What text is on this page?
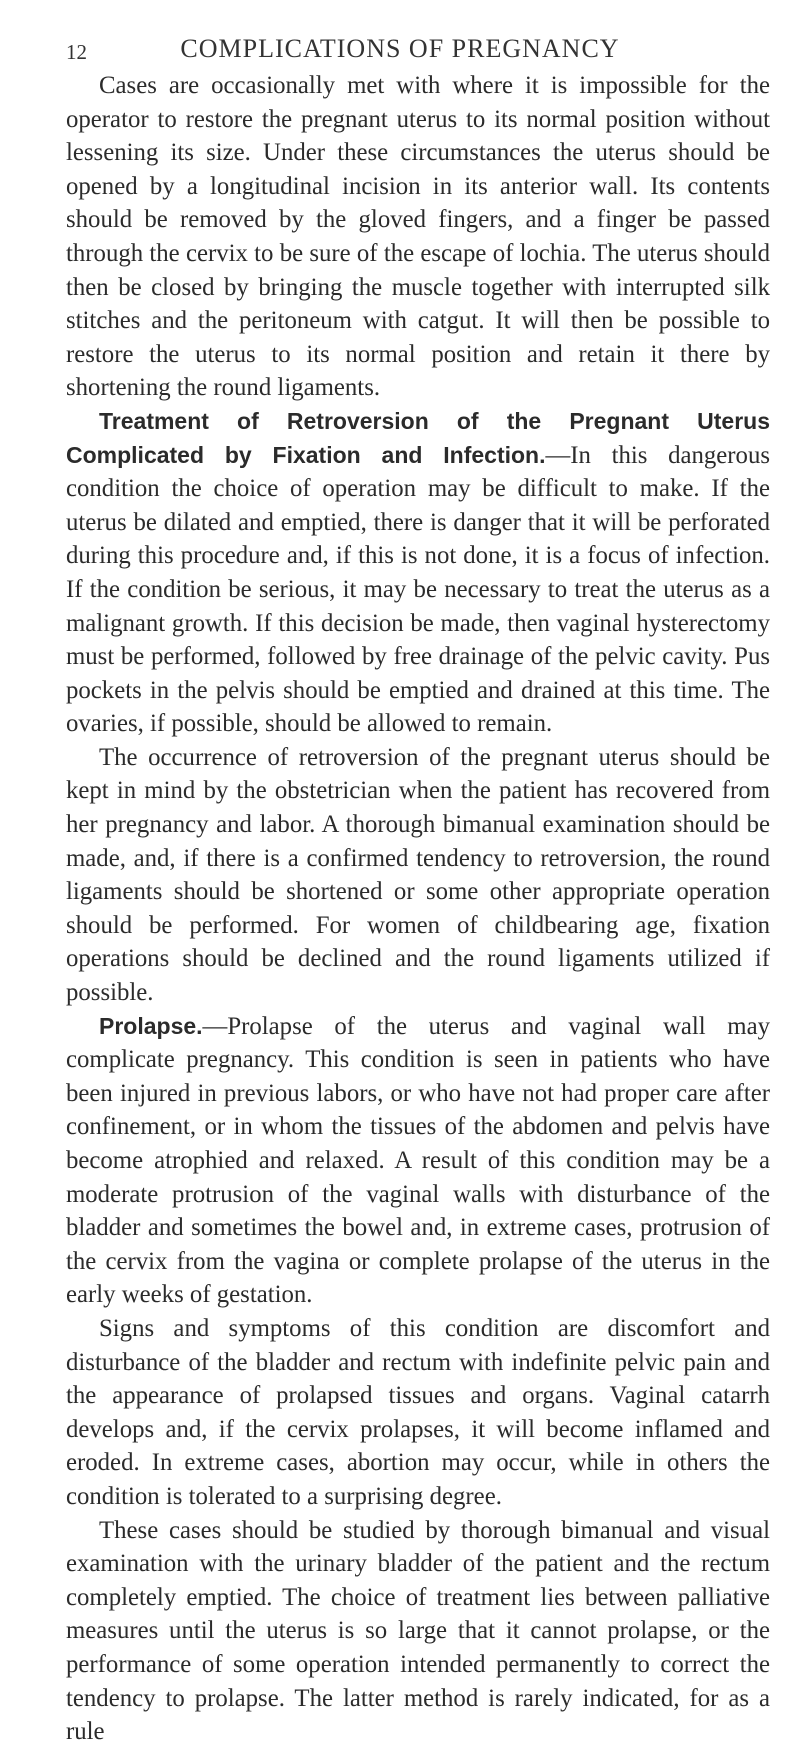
12	COMPLICATIONS OF PREGNANCY

Cases are occasionally met with where it is impossible for the operator to restore the pregnant uterus to its normal position without lessening its size. Under these circumstances the uterus should be opened by a longitudinal incision in its anterior wall. Its contents should be removed by the gloved fingers, and a finger be passed through the cervix to be sure of the escape of lochia. The uterus should then be closed by bringing the muscle together with interrupted silk stitches and the peritoneum with catgut. It will then be possible to restore the uterus to its normal position and retain it there by shortening the round ligaments.

Treatment of Retroversion of the Pregnant Uterus Complicated by Fixation and Infection.—In this dangerous condition the choice of operation may be difficult to make. If the uterus be dilated and emptied, there is danger that it will be perforated during this procedure and, if this is not done, it is a focus of infection. If the condition be serious, it may be necessary to treat the uterus as a malignant growth. If this decision be made, then vaginal hysterectomy must be performed, followed by free drainage of the pelvic cavity. Pus pockets in the pelvis should be emptied and drained at this time. The ovaries, if possible, should be allowed to remain.

The occurrence of retroversion of the pregnant uterus should be kept in mind by the obstetrician when the patient has recovered from her pregnancy and labor. A thorough bimanual examination should be made, and, if there is a confirmed tendency to retroversion, the round ligaments should be shortened or some other appropriate operation should be performed. For women of childbearing age, fixation operations should be declined and the round ligaments utilized if possible.

Prolapse.—Prolapse of the uterus and vaginal wall may complicate pregnancy. This condition is seen in patients who have been injured in previous labors, or who have not had proper care after confinement, or in whom the tissues of the abdomen and pelvis have become atrophied and relaxed. A result of this condition may be a moderate protrusion of the vaginal walls with disturbance of the bladder and sometimes the bowel and, in extreme cases, protrusion of the cervix from the vagina or complete prolapse of the uterus in the early weeks of gestation.

Signs and symptoms of this condition are discomfort and disturbance of the bladder and rectum with indefinite pelvic pain and the appearance of prolapsed tissues and organs. Vaginal catarrh develops and, if the cervix prolapses, it will become inflamed and eroded. In extreme cases, abortion may occur, while in others the condition is tolerated to a surprising degree.

These cases should be studied by thorough bimanual and visual examination with the urinary bladder of the patient and the rectum completely emptied. The choice of treatment lies between palliative measures until the uterus is so large that it cannot prolapse, or the performance of some operation intended permanently to correct the tendency to prolapse. The latter method is rarely indicated, for as a rule
